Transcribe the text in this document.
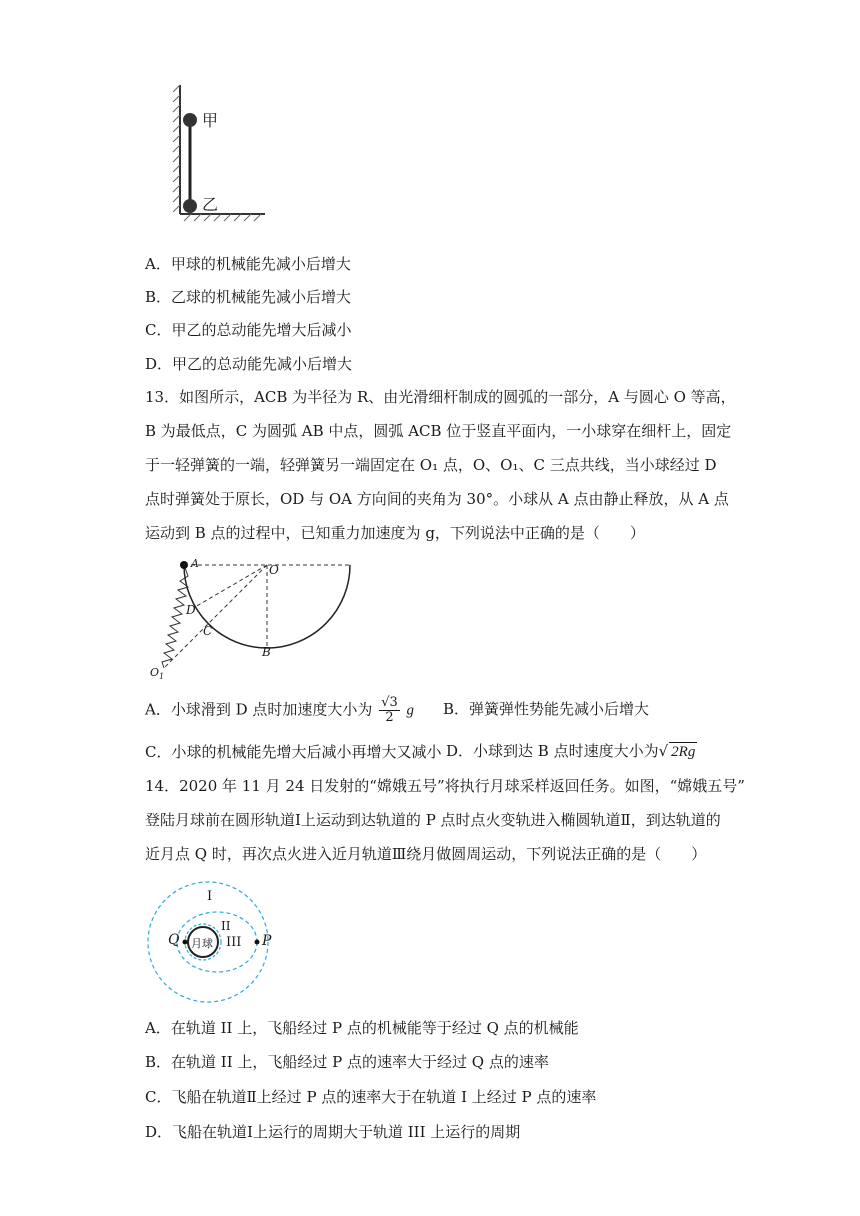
甲
乙
A．甲球的机械能先减小后增大
B．乙球的机械能先减小后增大
C．甲乙的总动能先增大后减小
D．甲乙的总动能先减小后增大
13．如图所示，ACB 为半径为 R、由光滑细杆制成的圆弧的一部分，A 与圆心 O 等高，
B 为最低点，C 为圆弧 AB 中点，圆弧 ACB 位于竖直平面内，一小球穿在细杆上，固定
于一轻弹簧的一端，轻弹簧另一端固定在 O₁ 点，O、O₁、C 三点共线，当小球经过 D
点时弹簧处于原长，OD 与 OA 方向间的夹角为 30°。小球从 A 点由静止释放，从 A 点
运动到 B 点的过程中，已知重力加速度为 g，下列说法中正确的是（　　）
A	O
D
C
B
$O_1$
A．小球滑到 D 点时加速度大小为 $\frac{√3}{2}$ g B．弹簧弹性势能先减小后增大
C．小球的机械能先增大后减小再增大又减小 D．小球到达 B 点时速度大小为√ 2Rg
14．2020 年 11 月 24 日发射的“嫦娥五号”将执行月球采样返回任务。如图，“嫦娥五号”
登陆月球前在圆形轨道Ⅰ上运动到达轨道的 P 点时点火变轨进入椭圆轨道Ⅱ，到达轨道的
近月点 Q 时，再次点火进入近月轨道Ⅲ绕月做圆周运动，下列说法正确的是（　　）
I
II
III
Q	P
月球
A．在轨道 II 上，飞船经过 P 点的机械能等于经过 Q 点的机械能
B．在轨道 II 上，飞船经过 P 点的速率大于经过 Q 点的速率
C．飞船在轨道Ⅱ上经过 P 点的速率大于在轨道 I 上经过 P 点的速率
D．飞船在轨道Ⅰ上运行的周期大于轨道 III 上运行的周期
